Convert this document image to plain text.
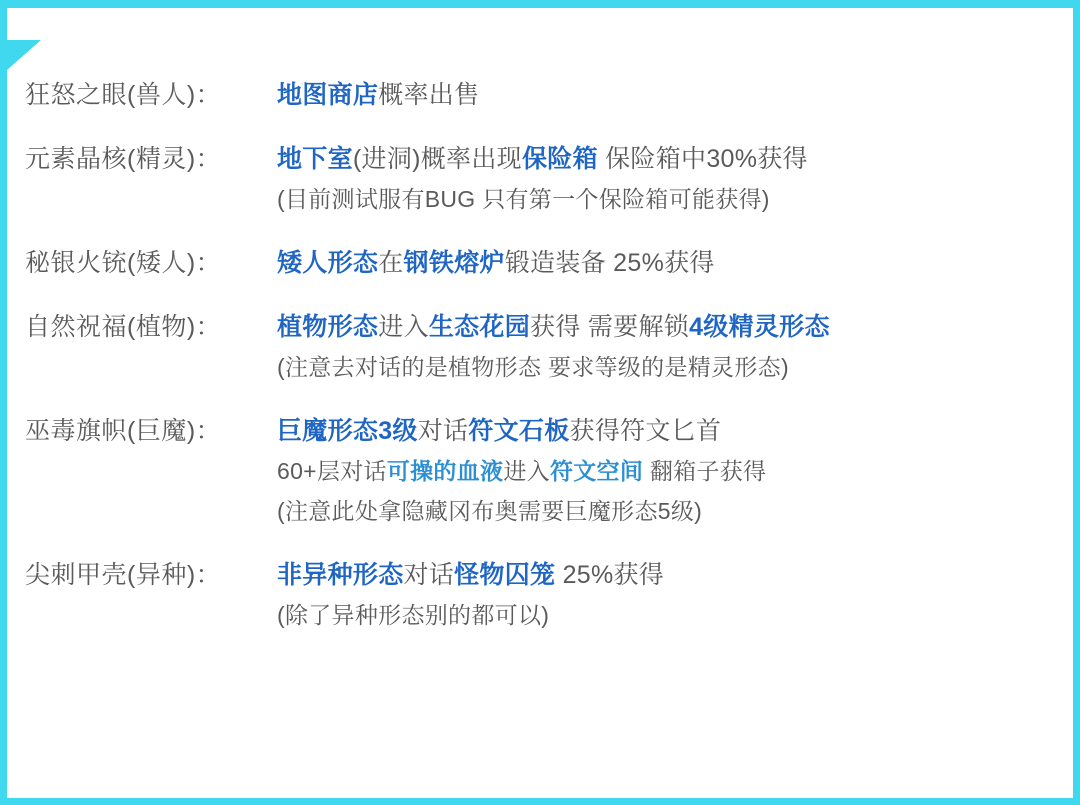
狂怒之眼(兽人)：	地图商店概率出售
元素晶核(精灵)：	地下室(进洞)概率出现保险箱 保险箱中30%获得
(目前测试服有BUG 只有第一个保险箱可能获得)
秘银火铳(矮人)：	矮人形态在钢铁熔炉锻造装备 25%获得
自然祝福(植物)：	植物形态进入生态花园获得 需要解锁4级精灵形态
(注意去对话的是植物形态 要求等级的是精灵形态)
巫毒旗帜(巨魔)：	巨魔形态3级对话符文石板获得符文匕首
60+层对话可操的血液进入符文空间 翻箱子获得
(注意此处拿隐藏冈布奥需要巨魔形态5级)
尖刺甲壳(异种)：	非异种形态对话怪物囚笼 25%获得
(除了异种形态别的都可以)
